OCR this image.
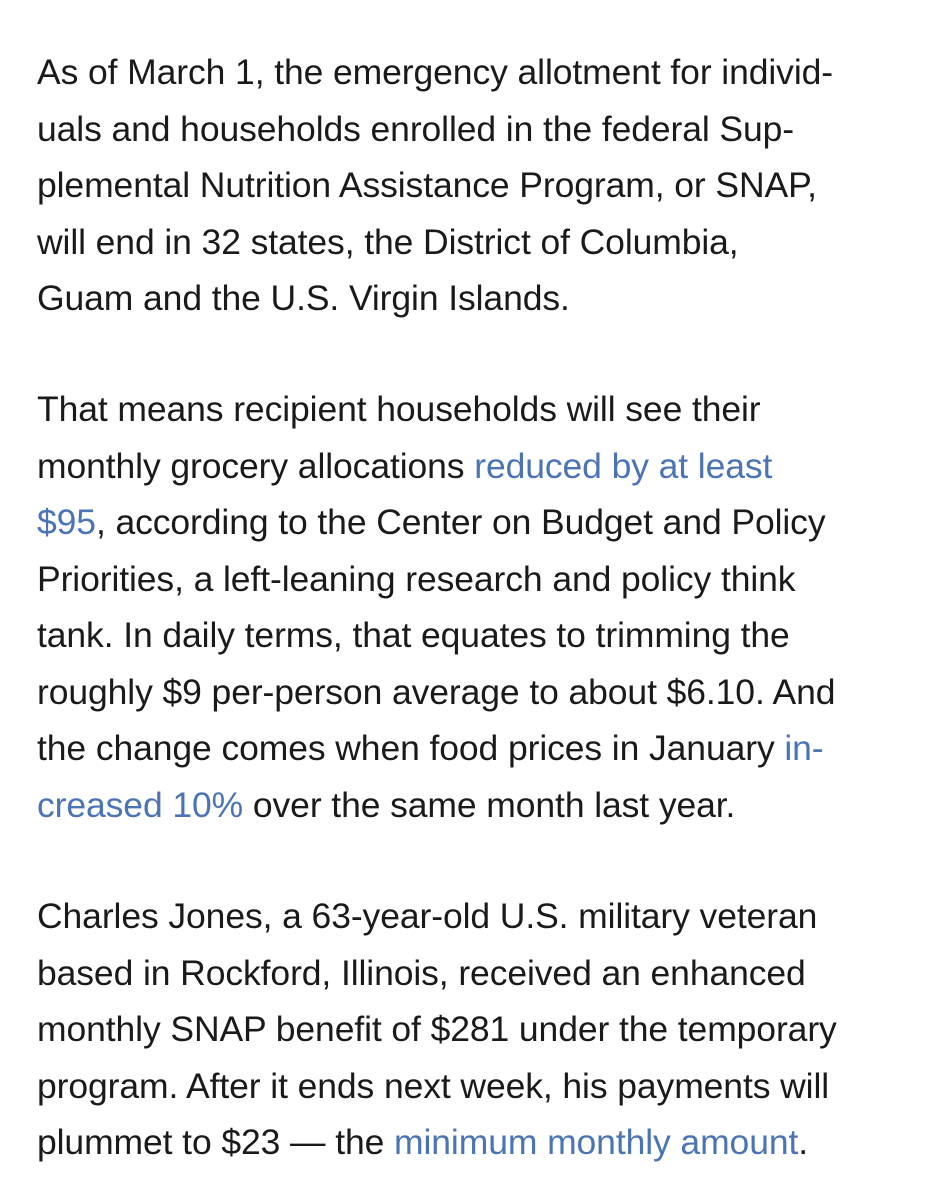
As of March 1, the emergency allotment for individ-
uals and households enrolled in the federal Sup-
plemental Nutrition Assistance Program, or SNAP,
will end in 32 states, the District of Columbia,
Guam and the U.S. Virgin Islands.
That means recipient households will see their
monthly grocery allocations reduced by at least
$95, according to the Center on Budget and Policy
Priorities, a left-leaning research and policy think
tank. In daily terms, that equates to trimming the
roughly $9 per-person average to about $6.10. And
the change comes when food prices in January in-
creased 10% over the same month last year.
Charles Jones, a 63-year-old U.S. military veteran
based in Rockford, Illinois, received an enhanced
monthly SNAP benefit of $281 under the temporary
program. After it ends next week, his payments will
plummet to $23 — the minimum monthly amount.
